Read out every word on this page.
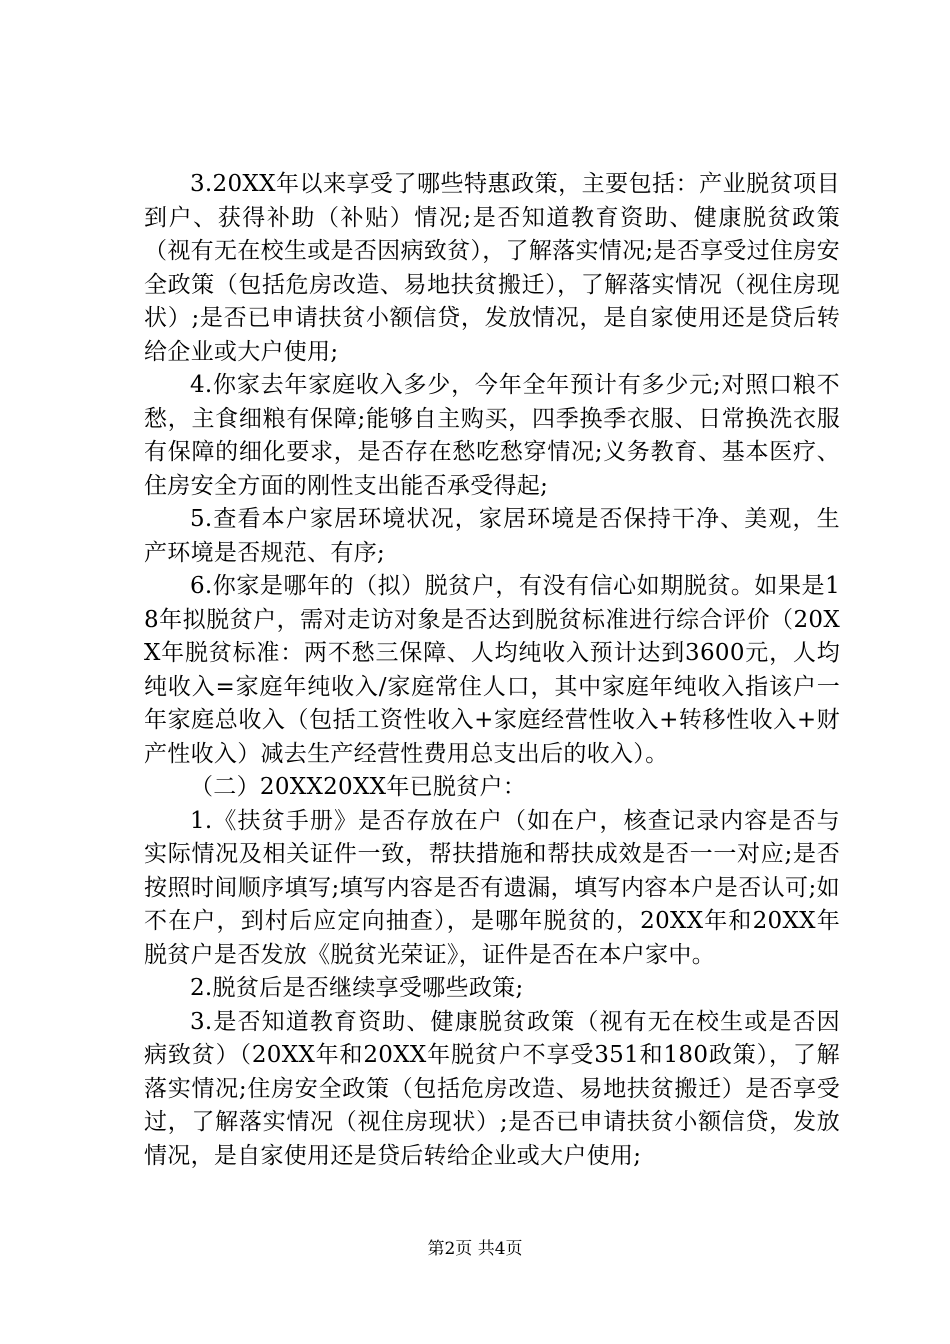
3.20XX年以来享受了哪些特惠政策，主要包括：产业脱贫项目到户、获得补助（补贴）情况;是否知道教育资助、健康脱贫政策（视有无在校生或是否因病致贫），了解落实情况;是否享受过住房安全政策（包括危房改造、易地扶贫搬迁），了解落实情况（视住房现状）;是否已申请扶贫小额信贷，发放情况，是自家使用还是贷后转给企业或大户使用;

4.你家去年家庭收入多少，今年全年预计有多少元;对照口粮不愁，主食细粮有保障;能够自主购买，四季换季衣服、日常换洗衣服有保障的细化要求，是否存在愁吃愁穿情况;义务教育、基本医疗、住房安全方面的刚性支出能否承受得起;

5.查看本户家居环境状况，家居环境是否保持干净、美观，生产环境是否规范、有序;

6.你家是哪年的（拟）脱贫户，有没有信心如期脱贫。如果是18年拟脱贫户，需对走访对象是否达到脱贫标准进行综合评价（20XX年脱贫标准：两不愁三保障、人均纯收入预计达到3600元，人均纯收入=家庭年纯收入/家庭常住人口，其中家庭年纯收入指该户一年家庭总收入（包括工资性收入+家庭经营性收入+转移性收入+财产性收入）减去生产经营性费用总支出后的收入）。

（二）20XX20XX年已脱贫户：

1.《扶贫手册》是否存放在户（如在户，核查记录内容是否与实际情况及相关证件一致，帮扶措施和帮扶成效是否一一对应;是否按照时间顺序填写;填写内容是否有遗漏，填写内容本户是否认可;如不在户，到村后应定向抽查），是哪年脱贫的，20XX年和20XX年脱贫户是否发放《脱贫光荣证》，证件是否在本户家中。

2.脱贫后是否继续享受哪些政策;

3.是否知道教育资助、健康脱贫政策（视有无在校生或是否因病致贫）（20XX年和20XX年脱贫户不享受351和180政策），了解落实情况;住房安全政策（包括危房改造、易地扶贫搬迁）是否享受过，了解落实情况（视住房现状）;是否已申请扶贫小额信贷，发放情况，是自家使用还是贷后转给企业或大户使用;

第2页 共4页
